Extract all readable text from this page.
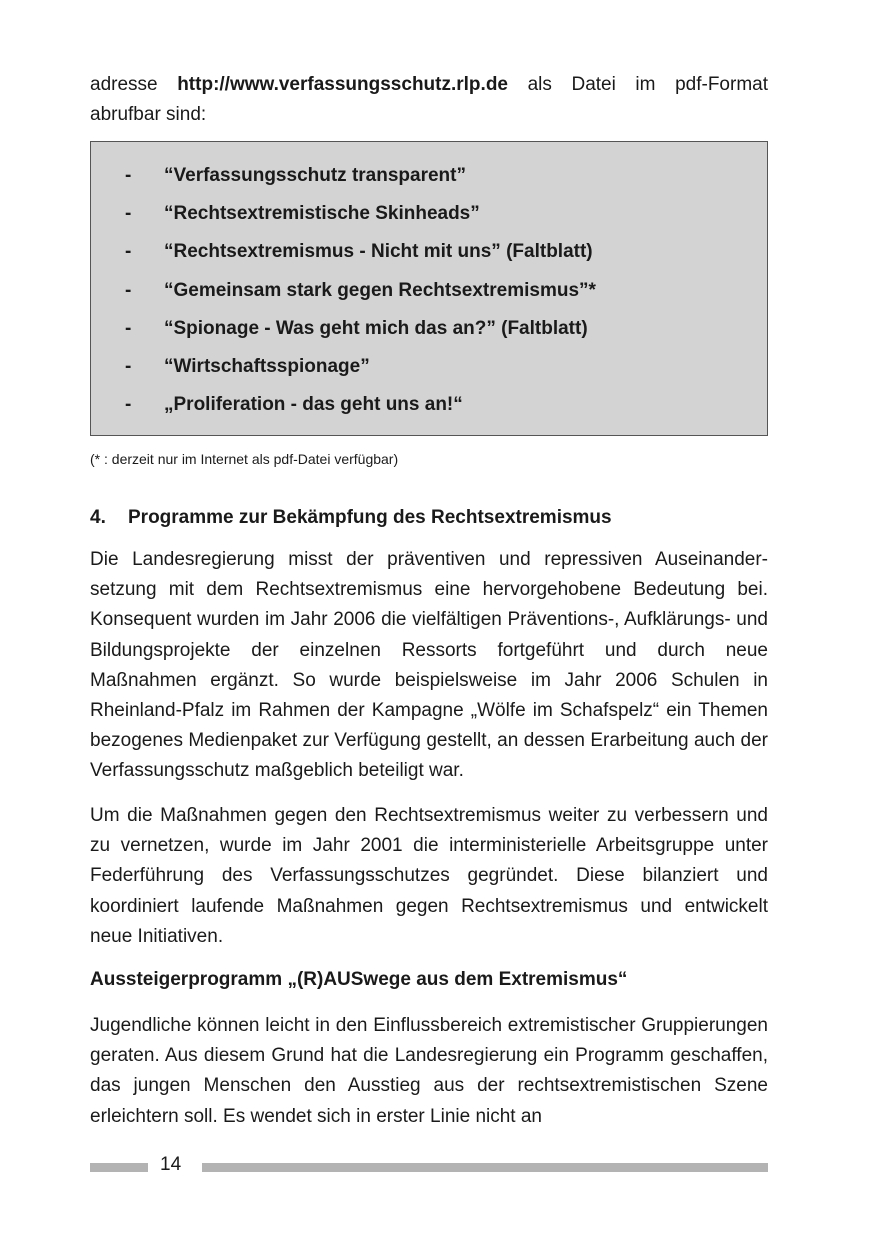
adresse http://www.verfassungsschutz.rlp.de als Datei im pdf-Format abrufbar sind:

- “Verfassungsschutz transparent”
- “Rechtsextremistische Skinheads”
- “Rechtsextremismus - Nicht mit uns” (Faltblatt)
- “Gemeinsam stark gegen Rechtsextremismus”*
- “Spionage - Was geht mich das an?” (Faltblatt)
- “Wirtschaftsspionage”
- „Proliferation - das geht uns an!“

(* : derzeit nur im Internet als pdf-Datei verfügbar)

4. Programme zur Bekämpfung des Rechtsextremismus

Die Landesregierung misst der präventiven und repressiven Auseinandersetzung mit dem Rechtsextremismus eine hervorgehobene Bedeutung bei. Konsequent wurden im Jahr 2006 die vielfältigen Präventions-, Aufklärungs- und Bildungsprojekte der einzelnen Ressorts fortgeführt und durch neue Maßnahmen ergänzt. So wurde beispielsweise im Jahr 2006 Schulen in Rheinland-Pfalz im Rahmen der Kampagne „Wölfe im Schafspelz“ ein Themen bezogenes Medienpaket zur Verfügung gestellt, an dessen Erarbeitung auch der Verfassungsschutz maßgeblich beteiligt war.

Um die Maßnahmen gegen den Rechtsextremismus weiter zu verbessern und zu vernetzen, wurde im Jahr 2001 die interministerielle Arbeitsgruppe unter Federführung des Verfassungsschutzes gegründet. Diese bilanziert und koordiniert laufende Maßnahmen gegen Rechtsextremismus und entwickelt neue Initiativen.

Aussteigerprogramm „(R)AUSwege aus dem Extremismus“

Jugendliche können leicht in den Einflussbereich extremistischer Gruppierungen geraten. Aus diesem Grund hat die Landesregierung ein Programm geschaffen, das jungen Menschen den Ausstieg aus der rechtsextremistischen Szene erleichtern soll. Es wendet sich in erster Linie nicht an

14
